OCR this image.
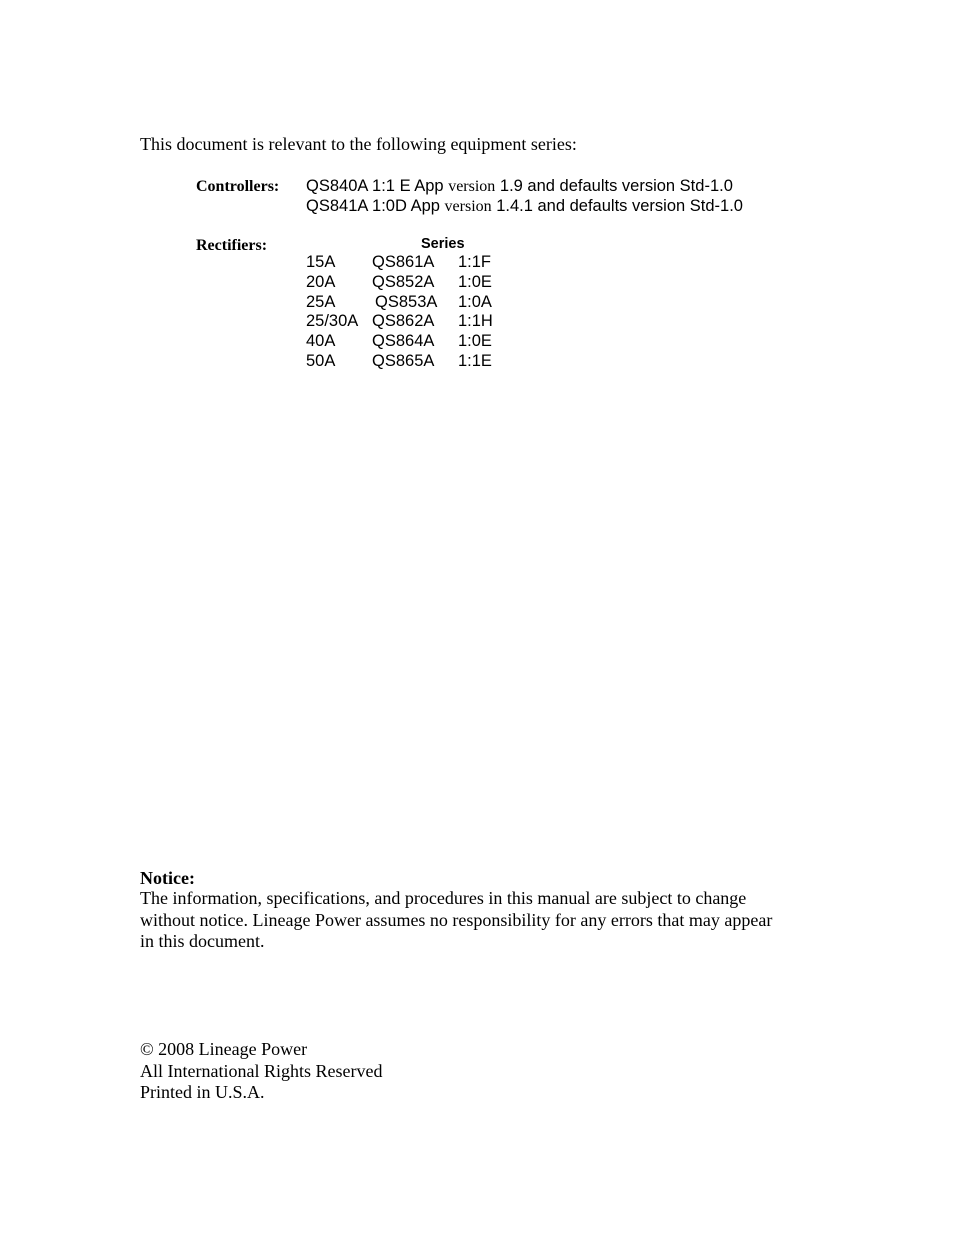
This document is relevant to the following equipment series:
Controllers: QS840A 1:1 E App version 1.9 and defaults version Std-1.0
QS841A 1:0D App version 1.4.1 and defaults version Std-1.0
Rectifiers:	Series
15A QS861A 1:1F
20A QS852A 1:0E
25A QS853A 1:0A
25/30A QS862A 1:1H
40A QS864A 1:0E
50A QS865A 1:1E
Notice:
The information, specifications, and procedures in this manual are subject to change
without notice. Lineage Power assumes no responsibility for any errors that may appear
in this document.
© 2008 Lineage Power
All International Rights Reserved
Printed in U.S.A.
